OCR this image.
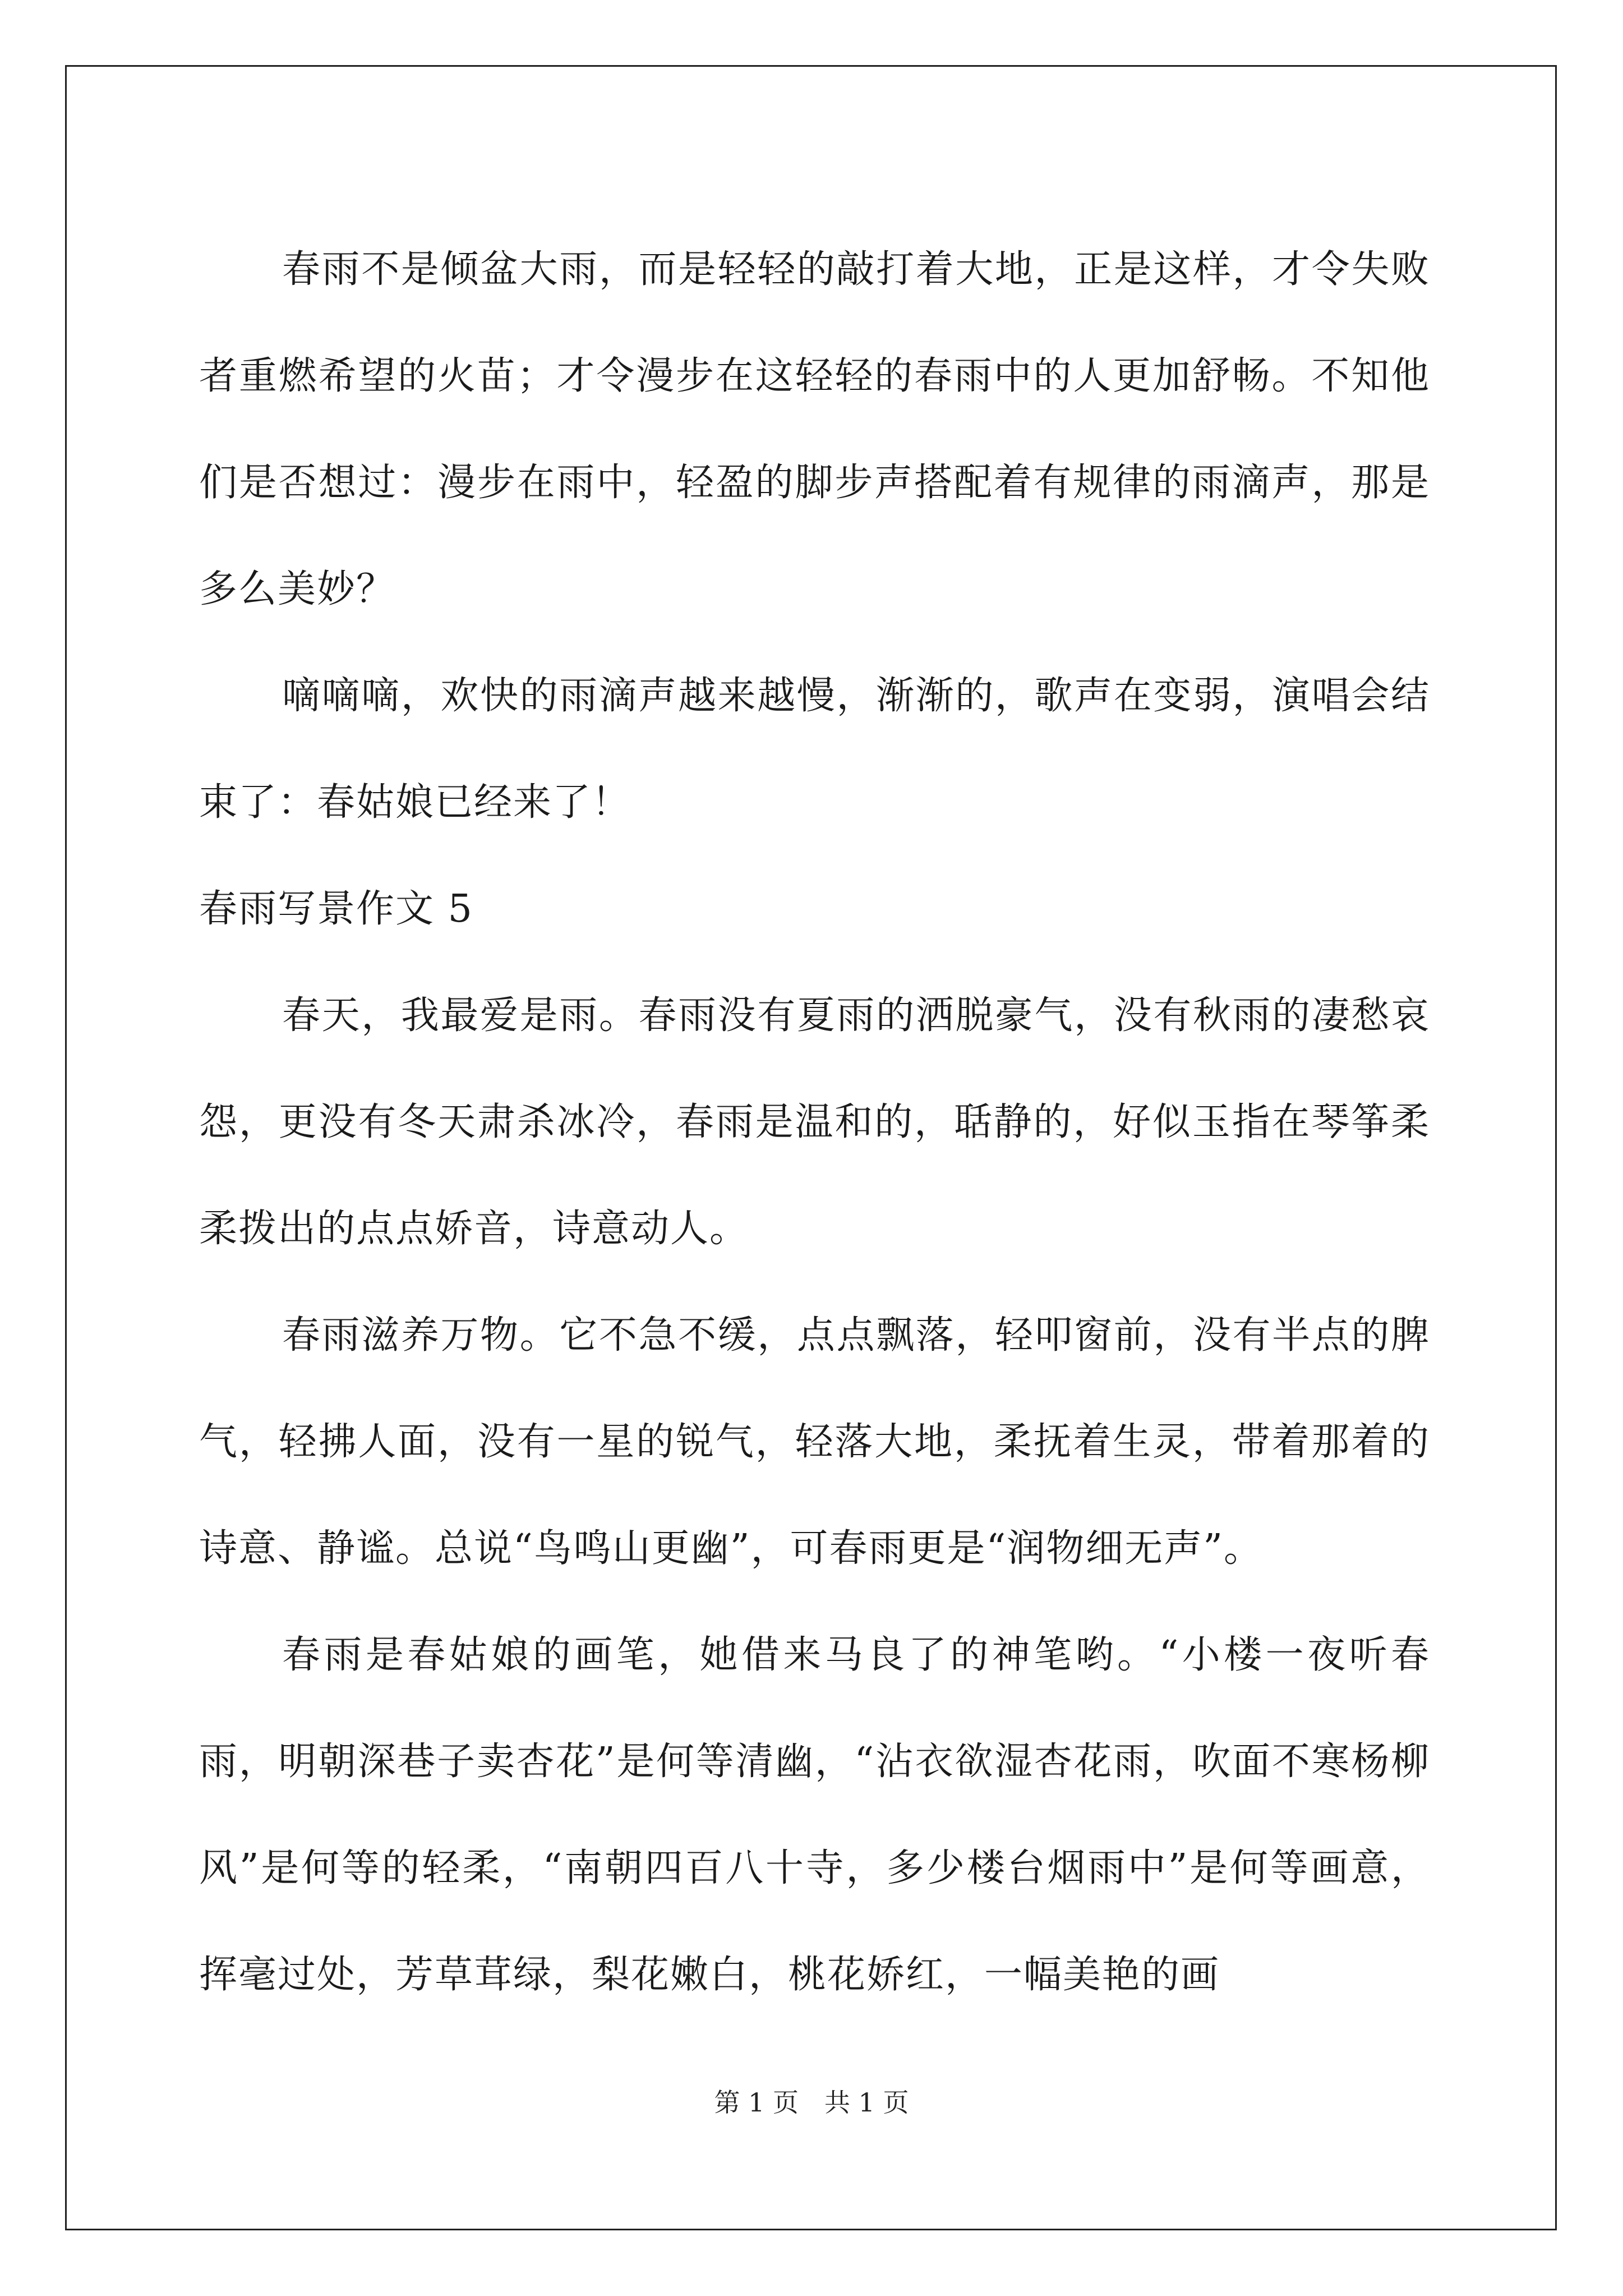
春雨不是倾盆大雨，而是轻轻的敲打着大地，正是这样，才令失败者重燃希望的火苗；才令漫步在这轻轻的春雨中的人更加舒畅。不知他们是否想过：漫步在雨中，轻盈的脚步声搭配着有规律的雨滴声，那是多么美妙？

嘀嘀嘀，欢快的雨滴声越来越慢，渐渐的，歌声在变弱，演唱会结束了：春姑娘已经来了！

春雨写景作文 5

春天，我最爱是雨。春雨没有夏雨的洒脱豪气，没有秋雨的凄愁哀怨，更没有冬天肃杀冰冷，春雨是温和的，聒静的，好似玉指在琴筝柔柔拨出的点点娇音，诗意动人。

春雨滋养万物。它不急不缓，点点飘落，轻叩窗前，没有半点的脾气，轻拂人面，没有一星的锐气，轻落大地，柔抚着生灵，带着那着的诗意、静谧。总说“鸟鸣山更幽”，可春雨更是“润物细无声”。

春雨是春姑娘的画笔，她借来马良了的神笔哟。“小楼一夜听春雨，明朝深巷子卖杏花”是何等清幽，“沾衣欲湿杏花雨，吹面不寒杨柳风”是何等的轻柔，“南朝四百八十寺，多少楼台烟雨中”是何等画意，挥毫过处，芳草茸绿，梨花嫩白，桃花娇红，一幅美艳的画

第 1 页 共 1 页
